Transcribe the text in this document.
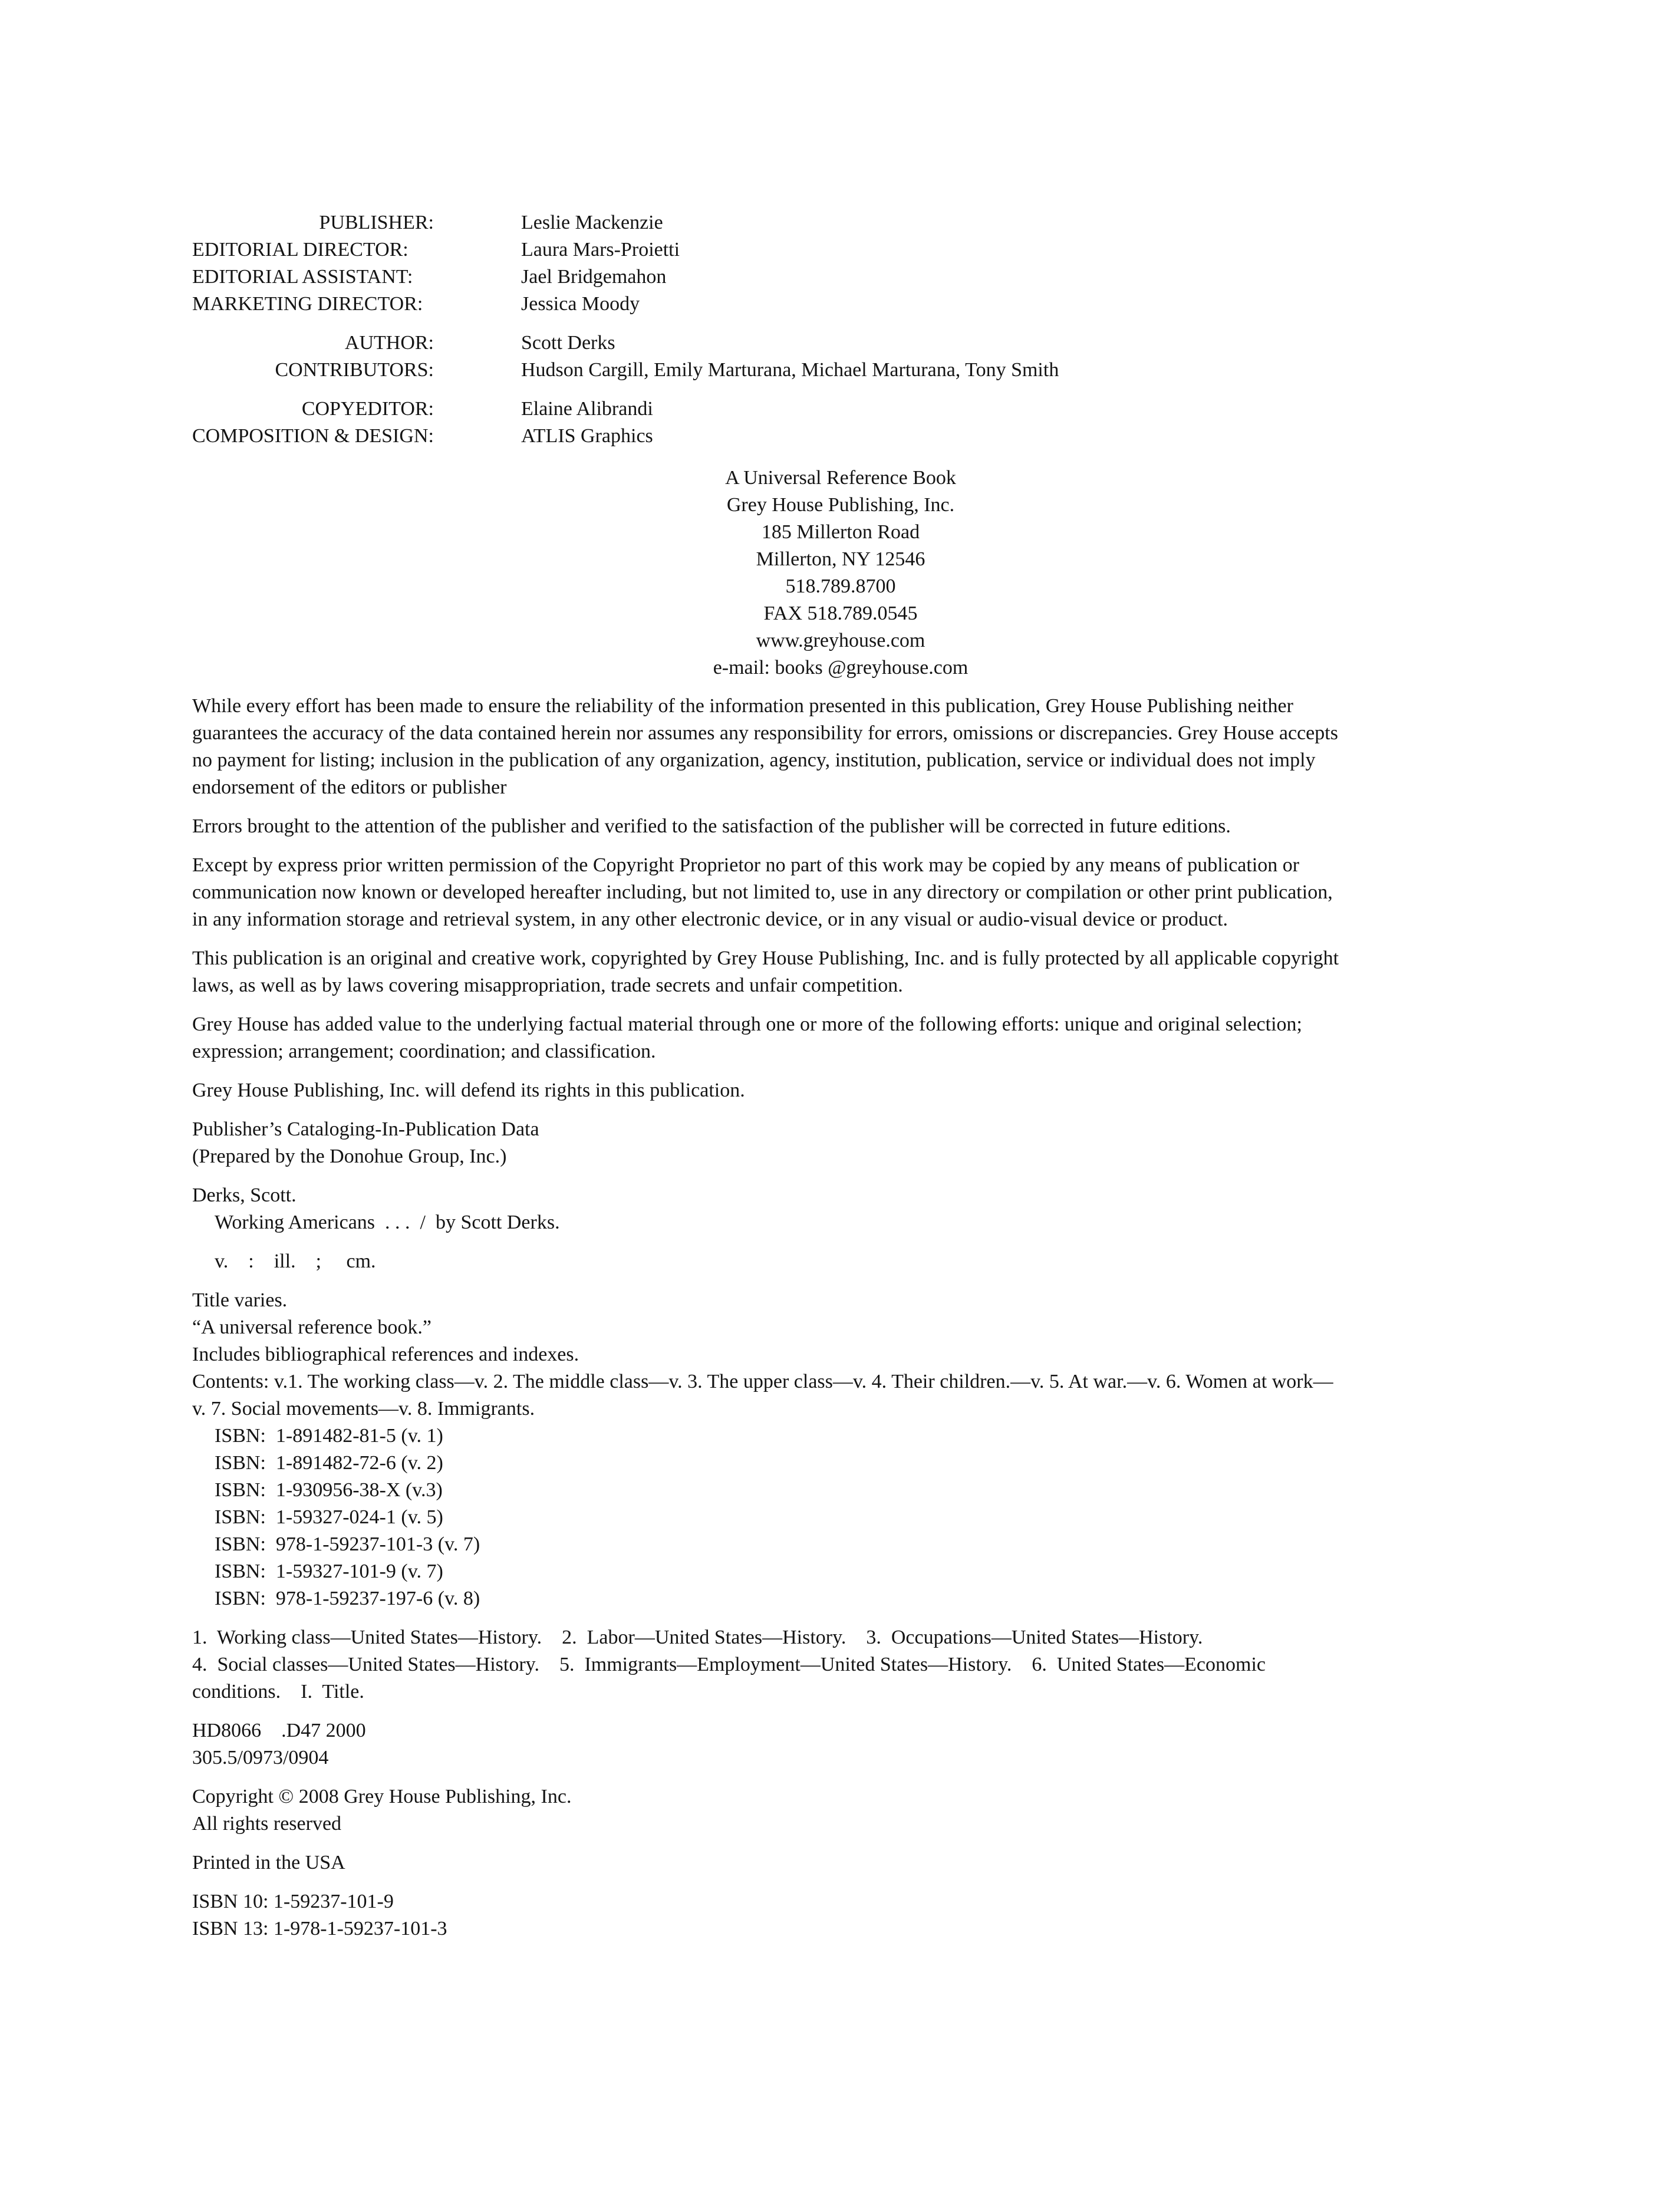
PUBLISHER:	Leslie Mackenzie
EDITORIAL DIRECTOR:	Laura Mars-Proietti
EDITORIAL ASSISTANT:	Jael Bridgemahon
MARKETING DIRECTOR:	Jessica Moody
AUTHOR:	Scott Derks
CONTRIBUTORS:	Hudson Cargill, Emily Marturana, Michael Marturana, Tony Smith
COPYEDITOR:	Elaine Alibrandi
COMPOSITION & DESIGN:	ATLIS Graphics
A Universal Reference Book
Grey House Publishing, Inc.
185 Millerton Road
Millerton, NY 12546
518.789.8700
FAX 518.789.0545
www.greyhouse.com
e-mail: books @greyhouse.com

While every effort has been made to ensure the reliability of the information presented in this publication, Grey House Publishing neither
guarantees the accuracy of the data contained herein nor assumes any responsibility for errors, omissions or discrepancies. Grey House accepts
no payment for listing; inclusion in the publication of any organization, agency, institution, publication, service or individual does not imply
endorsement of the editors or publisher

Errors brought to the attention of the publisher and verified to the satisfaction of the publisher will be corrected in future editions.

Except by express prior written permission of the Copyright Proprietor no part of this work may be copied by any means of publication or
communication now known or developed hereafter including, but not limited to, use in any directory or compilation or other print publication,
in any information storage and retrieval system, in any other electronic device, or in any visual or audio-visual device or product.

This publication is an original and creative work, copyrighted by Grey House Publishing, Inc. and is fully protected by all applicable copyright
laws, as well as by laws covering misappropriation, trade secrets and unfair competition.

Grey House has added value to the underlying factual material through one or more of the following efforts: unique and original selection;
expression; arrangement; coordination; and classification.

Grey House Publishing, Inc. will defend its rights in this publication.

Publisher’s Cataloging-In-Publication Data
(Prepared by the Donohue Group, Inc.)

Derks, Scott.
Working Americans  . . .  /  by Scott Derks.

v.    :    ill.    ;     cm.

Title varies.
“A universal reference book.”
Includes bibliographical references and indexes.
Contents: v.1. The working class—v. 2. The middle class—v. 3. The upper class—v. 4. Their children.—v. 5. At war.—v. 6. Women at work—
v. 7. Social movements—v. 8. Immigrants.
ISBN:  1-891482-81-5 (v. 1)
ISBN:  1-891482-72-6 (v. 2)
ISBN:  1-930956-38-X (v.3)
ISBN:  1-59327-024-1 (v. 5)
ISBN:  978-1-59237-101-3 (v. 7)
ISBN:  1-59327-101-9 (v. 7)
ISBN:  978-1-59237-197-6 (v. 8)

1.  Working class—United States—History.    2.  Labor—United States—History.    3.  Occupations—United States—History.
4.  Social classes—United States—History.    5.  Immigrants—Employment—United States—History.    6.  United States—Economic
conditions.    I.  Title.

HD8066    .D47 2000
305.5/0973/0904

Copyright © 2008 Grey House Publishing, Inc.
All rights reserved

Printed in the USA

ISBN 10: 1-59237-101-9
ISBN 13: 1-978-1-59237-101-3
